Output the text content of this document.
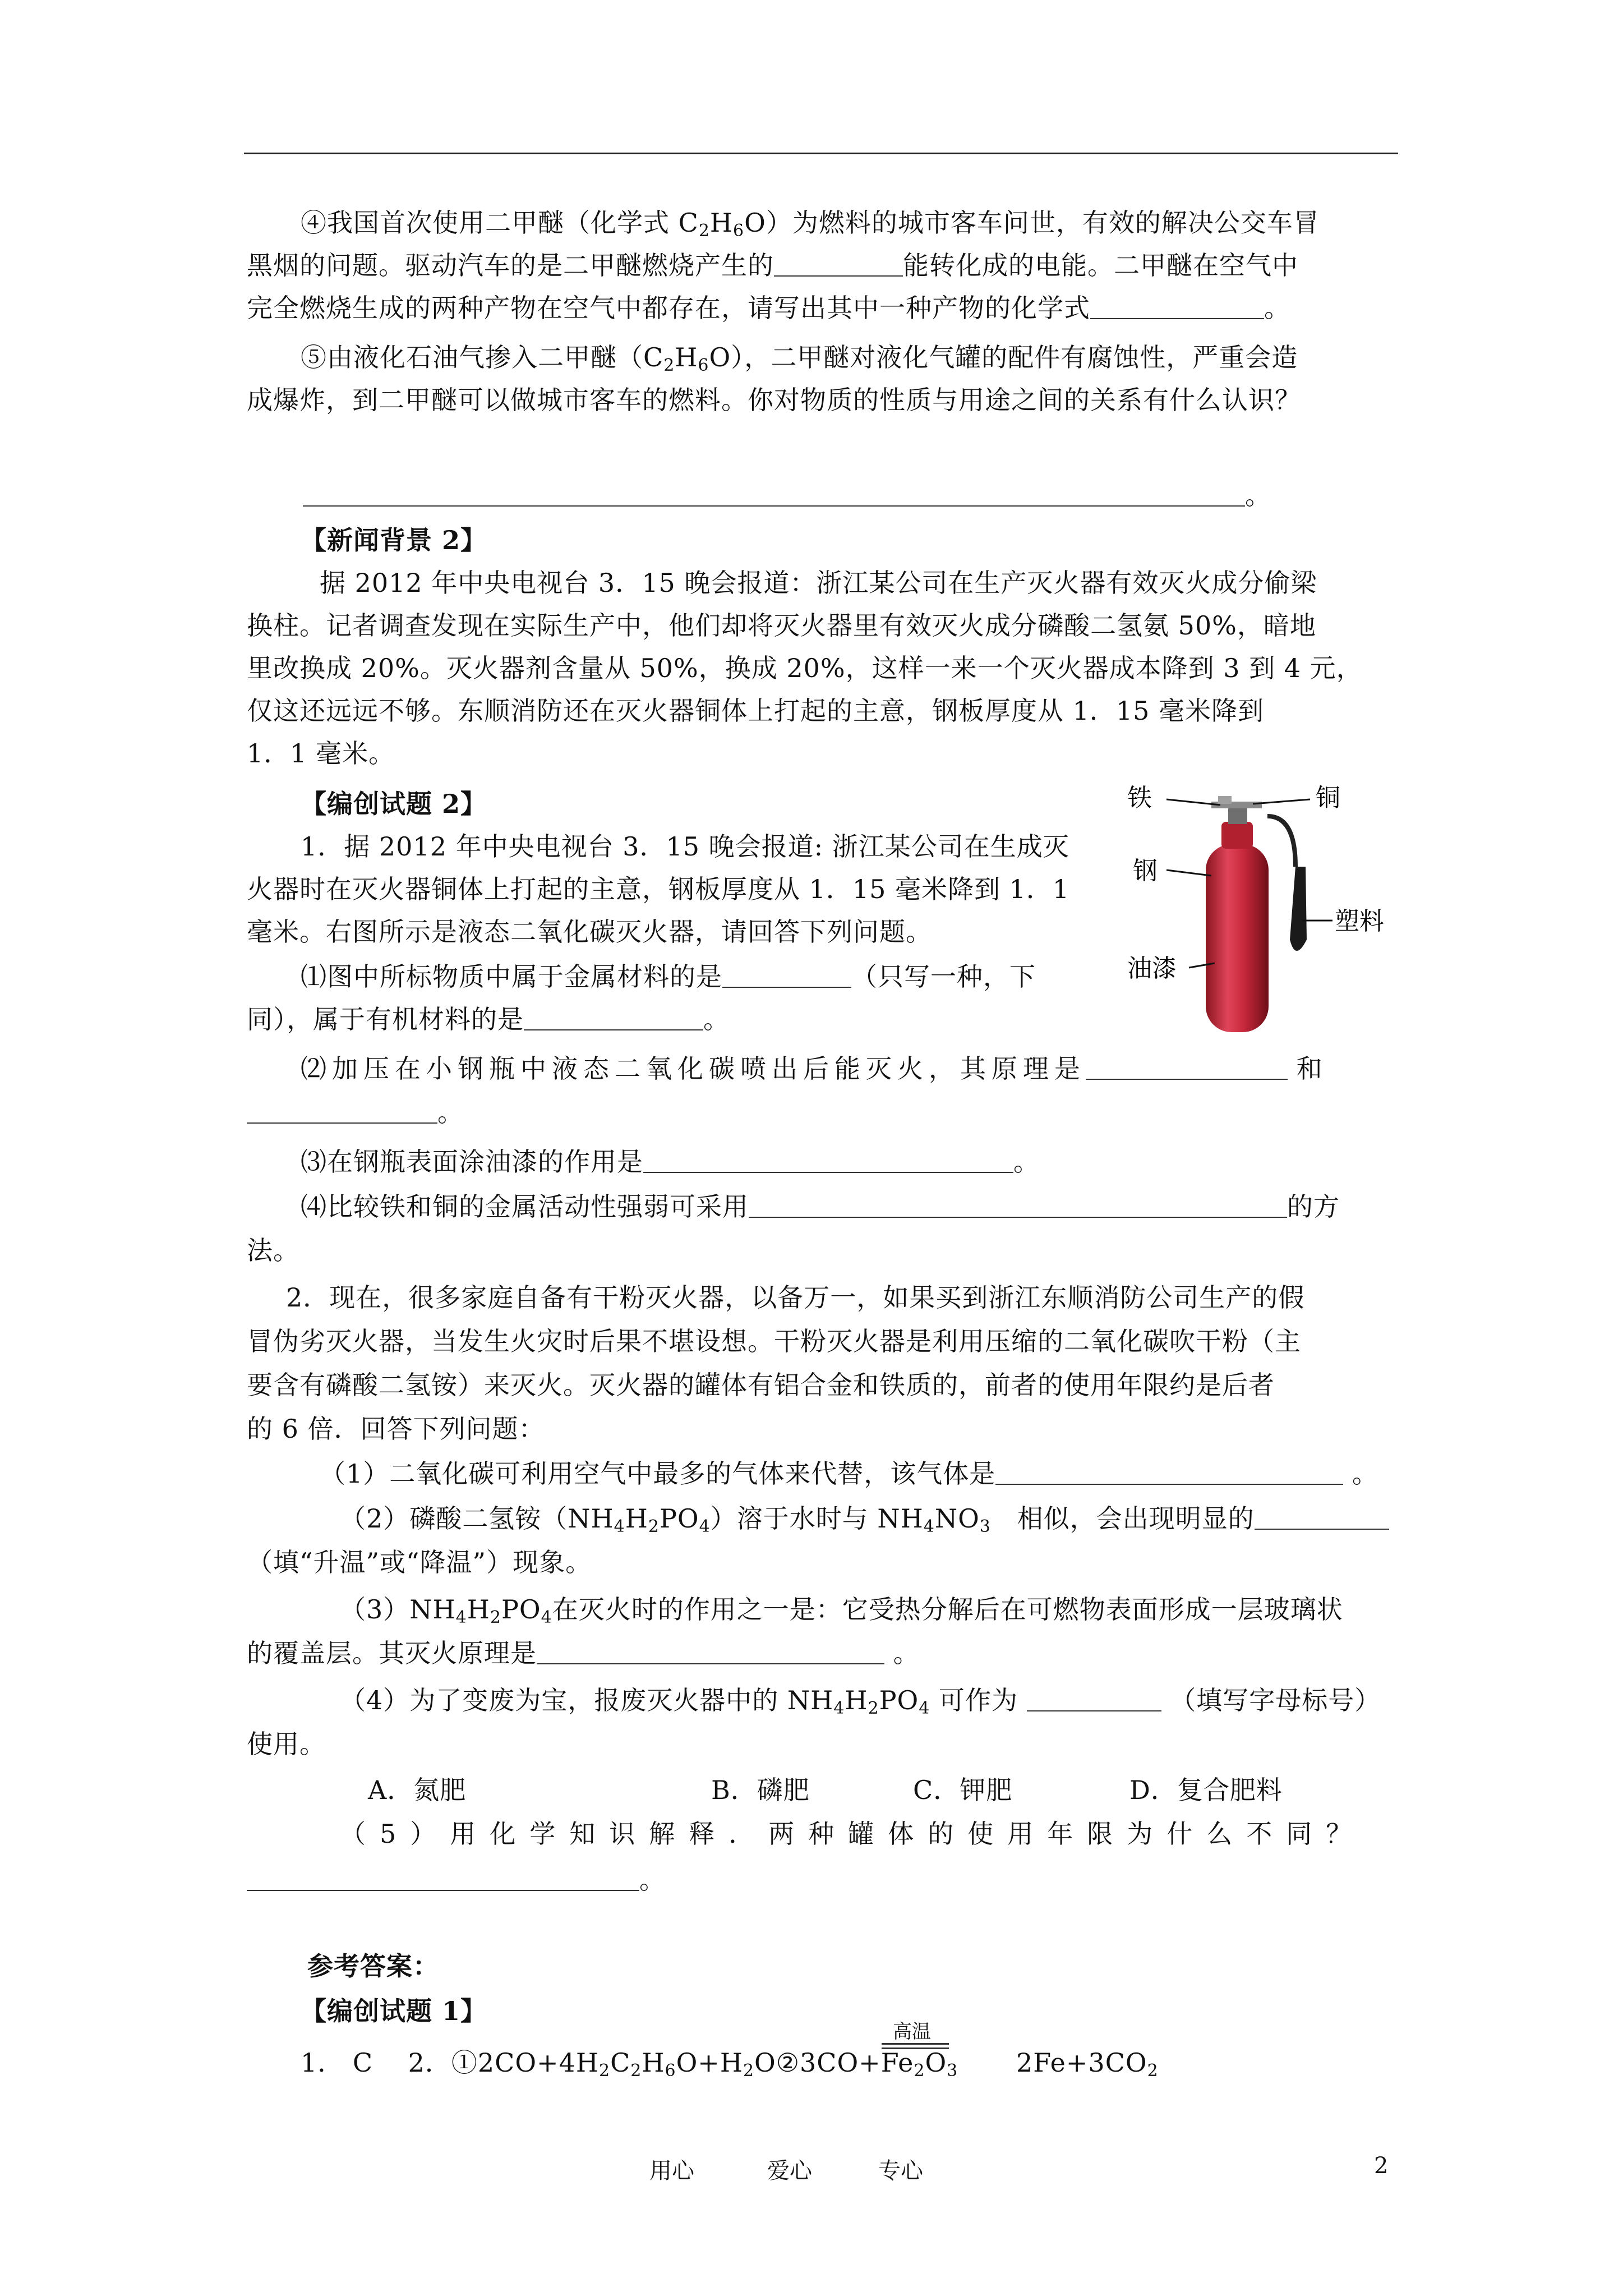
④我国首次使用二甲醚（化学式 $C_2H_6O$）为燃料的城市客车问世，有效的解决公交车冒
黑烟的问题。驱动汽车的是二甲醚燃烧产生的	能转化成的电能。二甲醚在空气中
完全燃烧生成的两种产物在空气中都存在，请写出其中一种产物的化学式	。
⑤由液化石油气掺入二甲醚$(C_2H_6O)$，二甲醚对液化气罐的配件有腐蚀性，严重会造
成爆炸，到二甲醚可以做城市客车的燃料。你对物质的性质与用途之间的关系有什么认识？
。
【新闻背景 2】
据 2012 年中央电视台 3．15 晚会报道：浙江某公司在生产灭火器有效灭火成分偷梁
换柱。记者调查发现在实际生产中，他们却将灭火器里有效灭火成分磷酸二氢氨 50%，暗地
里改换成 20%。灭火器剂含量从 50%，换成 20%，这样一来一个灭火器成本降到 3 到 4 元，
仅这还远远不够。东顺消防还在灭火器铜体上打起的主意，钢板厚度从 1．15 毫米降到
1．1 毫米。
【编创试题 2】
1．据 2012 年中央电视台 3．15 晚会报道: 浙江某公司在生成灭
火器时在灭火器铜体上打起的主意，钢板厚度从 1．15 毫米降到 1．1
毫米。右图所示是液态二氧化碳灭火器，请回答下列问题。
⑴图中所标物质中属于金属材料的是	（只写一种，下
同），属于有机材料的是	。
⑵加压在小钢瓶中液态二氧化碳喷出后能灭火，其原理是	和
。
⑶在钢瓶表面涂油漆的作用是	。
⑷比较铁和铜的金属活动性强弱可采用	的方
法。
2．现在，很多家庭自备有干粉灭火器，以备万一，如果买到浙江东顺消防公司生产的假
冒伪劣灭火器，当发生火灾时后果不堪设想。干粉灭火器是利用压缩的二氧化碳吹干粉（主
要含有磷酸二氢铵）来灭火。灭火器的罐体有铝合金和铁质的，前者的使用年限约是后者
的 6 倍．回答下列问题：
（1）二氧化碳可利用空气中最多的气体来代替，该气体是	。
（2）磷酸二氢铵$(NH_4H_2PO_4)$溶于水时与 $NH_4NO_3$ 相似，会出现明显的
（填“升温”或“降温”）现象。
$(3)NH_4H_2PO_4$在灭火时的作用之一是：它受热分解后在可燃物表面形成一层玻璃状
的覆盖层。其灭火原理是	。
（4）为了变废为宝，报废灭火器中的 $NH_4H_2PO_4$ 可作为	（填写字母标号）
使用。
A．氮肥	B．磷肥	C．钾肥	D．复合肥料
（5）用化学知识解释．两种罐体的使用年限为什么不同？
。
参考答案：
【编创试题 1】
1． C 2．$①2CO+4H_2C_2H_6O+H_2O②3CO+Fe_2O_3$
高温
$2Fe+3CO_2$
铁	铜
钢
塑料
油漆
用心	爱心	专心	2
